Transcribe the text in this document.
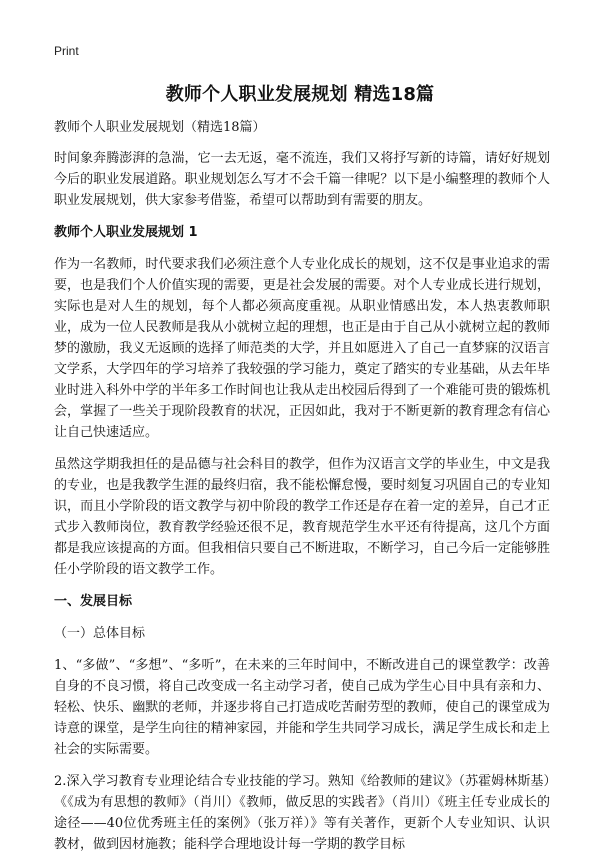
Print
教师个人职业发展规划 精选18篇

教师个人职业发展规划（精选18篇）

时间象奔腾澎湃的急湍，它一去无返，毫不流连，我们又将抒写新的诗篇，请好好规划今后的职业发展道路。职业规划怎么写才不会千篇一律呢？以下是小编整理的教师个人职业发展规划，供大家参考借鉴，希望可以帮助到有需要的朋友。

教师个人职业发展规划 1

作为一名教师，时代要求我们必须注意个人专业化成长的规划，这不仅是事业追求的需要，也是我们个人价值实现的需要，更是社会发展的需要。对个人专业成长进行规划，实际也是对人生的规划，每个人都必须高度重视。从职业情感出发，本人热衷教师职业，成为一位人民教师是我从小就树立起的理想，也正是由于自己从小就树立起的教师梦的激励，我义无返顾的选择了师范类的大学，并且如愿进入了自己一直梦寐的汉语言文学系，大学四年的学习培养了我较强的学习能力，奠定了踏实的专业基础，从去年毕业时进入科外中学的半年多工作时间也让我从走出校园后得到了一个难能可贵的锻炼机会，掌握了一些关于现阶段教育的状况，正因如此，我对于不断更新的教育理念有信心让自己快速适应。

虽然这学期我担任的是品德与社会科目的教学，但作为汉语言文学的毕业生，中文是我的专业，也是我教学生涯的最终归宿，我不能松懈怠慢，要时刻复习巩固自己的专业知识，而且小学阶段的语文教学与初中阶段的教学工作还是存在着一定的差异，自己才正式步入教师岗位，教育教学经验还很不足，教育规范学生水平还有待提高，这几个方面都是我应该提高的方面。但我相信只要自己不断进取，不断学习，自己今后一定能够胜任小学阶段的语文教学工作。

一、发展目标

（一）总体目标

1、“多做”、“多想”、“多听”，在未来的三年时间中，不断改进自己的课堂教学：改善自身的不良习惯，将自己改变成一名主动学习者，使自己成为学生心目中具有亲和力、轻松、快乐、幽默的老师，并逐步将自己打造成吃苦耐劳型的教师，使自己的课堂成为诗意的课堂，是学生向往的精神家园，并能和学生共同学习成长，满足学生成长和走上社会的实际需要。

2.深入学习教育专业理论结合专业技能的学习。熟知《给教师的建议》（苏霍姆林斯基）《《成为有思想的教师》（肖川）《教师，做反思的实践者》（肖川）《班主任专业成长的途径——40位优秀班主任的案例》（张万祥）》等有关著作，更新个人专业知识、认识教材，做到因材施教；能科学合理地设计每一学期的教学目标
